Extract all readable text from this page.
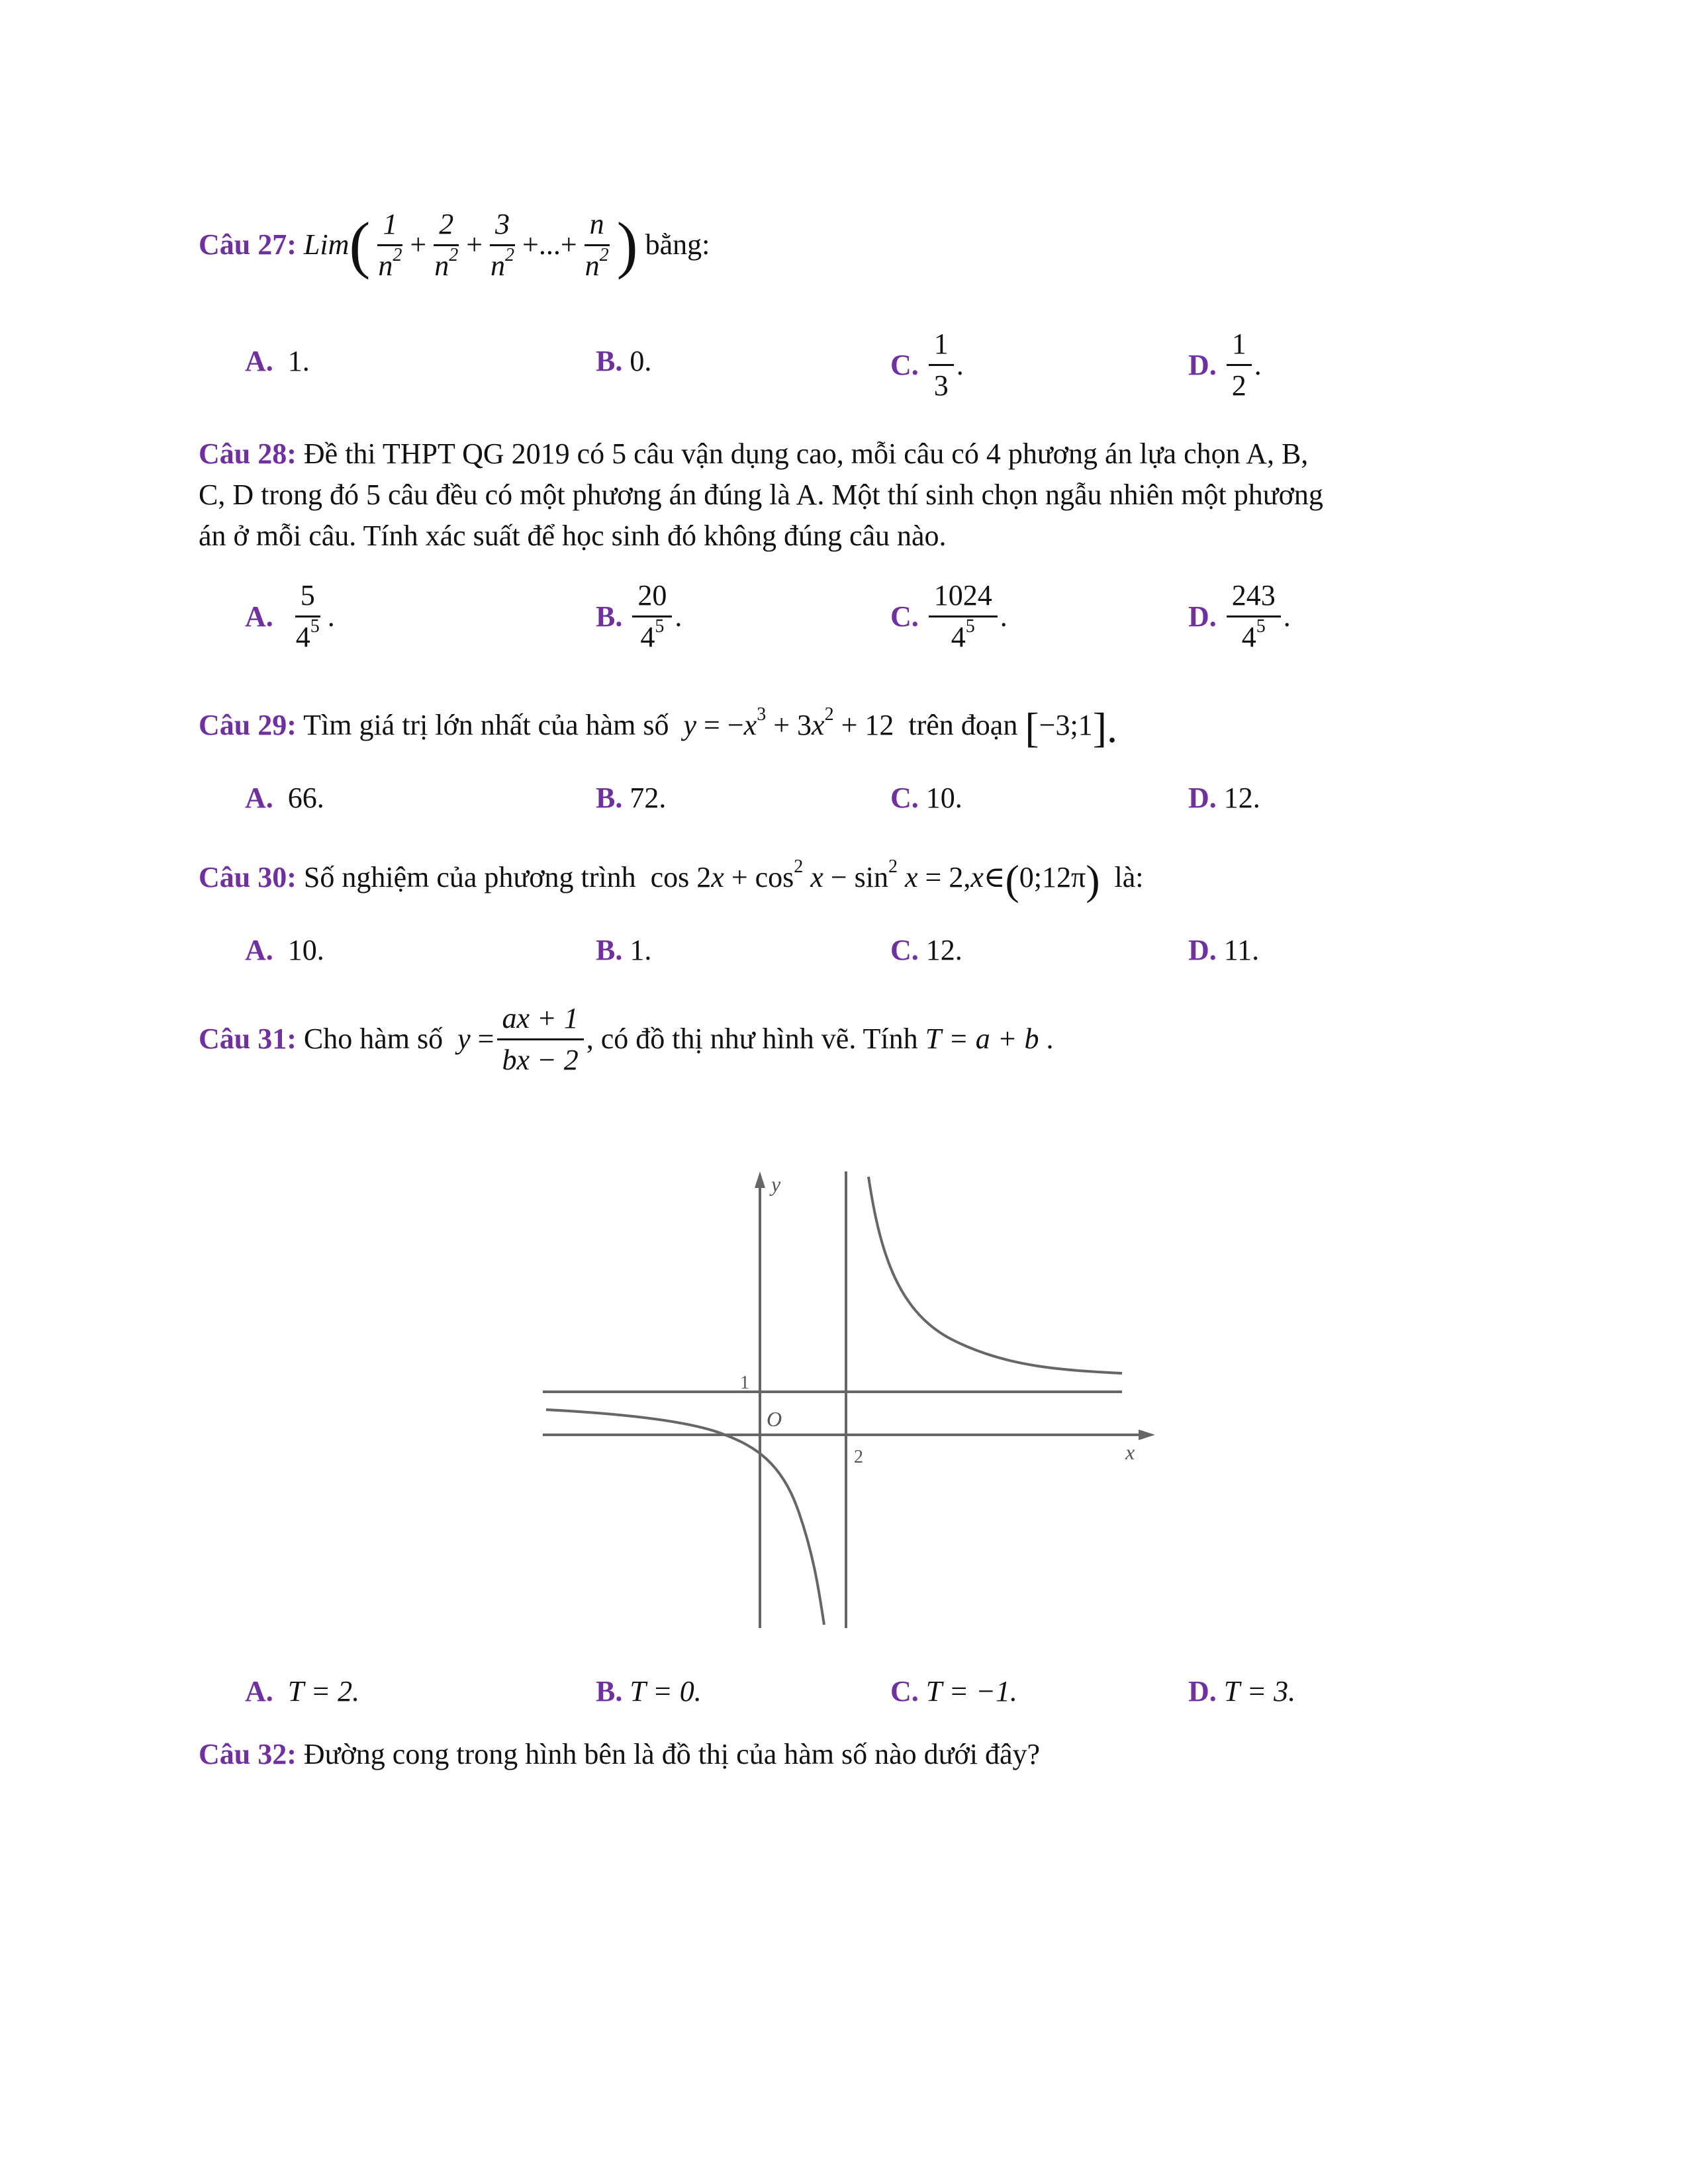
Câu 27:
Lim ( $\frac{1}{n^2} + \frac{2}{n^2} + \frac{3}{n^2}$ + ... + $\frac{n}{n^2}$ )
bằng:
A. 1.	B. 0.	C.
$\frac{1}{3}$ .	D.
$\frac{1}{2}$ .
Câu 28: Đề thi THPT QG 2019 có 5 câu vận dụng cao, mỗi câu có 4 phương án lựa chọn A, B,
C, D trong đó 5 câu đều có một phương án đúng là A. Một thí sinh chọn ngẫu nhiên một phương
án ở mỗi câu. Tính xác suất để học sinh đó không đúng câu nào.
A.
$\frac{5}{4^5}$ .	B.
$\frac{20}{4^5}$ .	C.
$\frac{1024}{4^5}$ .	D.
$\frac{243}{4^5}$ .
Câu 29: Tìm giá trị lớn nhất của hàm số $y = -x^3 + 3x^2 + 12$ trên đoạn [−3;1].
A. 66.	B. 72.	C. 10.	D. 12.
Câu 30: Số nghiệm của phương trình $\cos 2x + \cos^2 x - \sin^2 x$ = 2,x∈(0;12π) là:
A. 10.	B. 1.	C. 12.	D. 11.
Câu 31:
Cho hàm số
y
= $\frac{ax + 1}{bx - 2}$ , có đồ thị như hình vẽ. Tính
T
= a + b
.
y
x
O
1
2
A. T = 2.	B. T = 0.	C. T = −1.	D. T = 3.
Câu 32: Đường cong trong hình bên là đồ thị của hàm số nào dưới đây?
